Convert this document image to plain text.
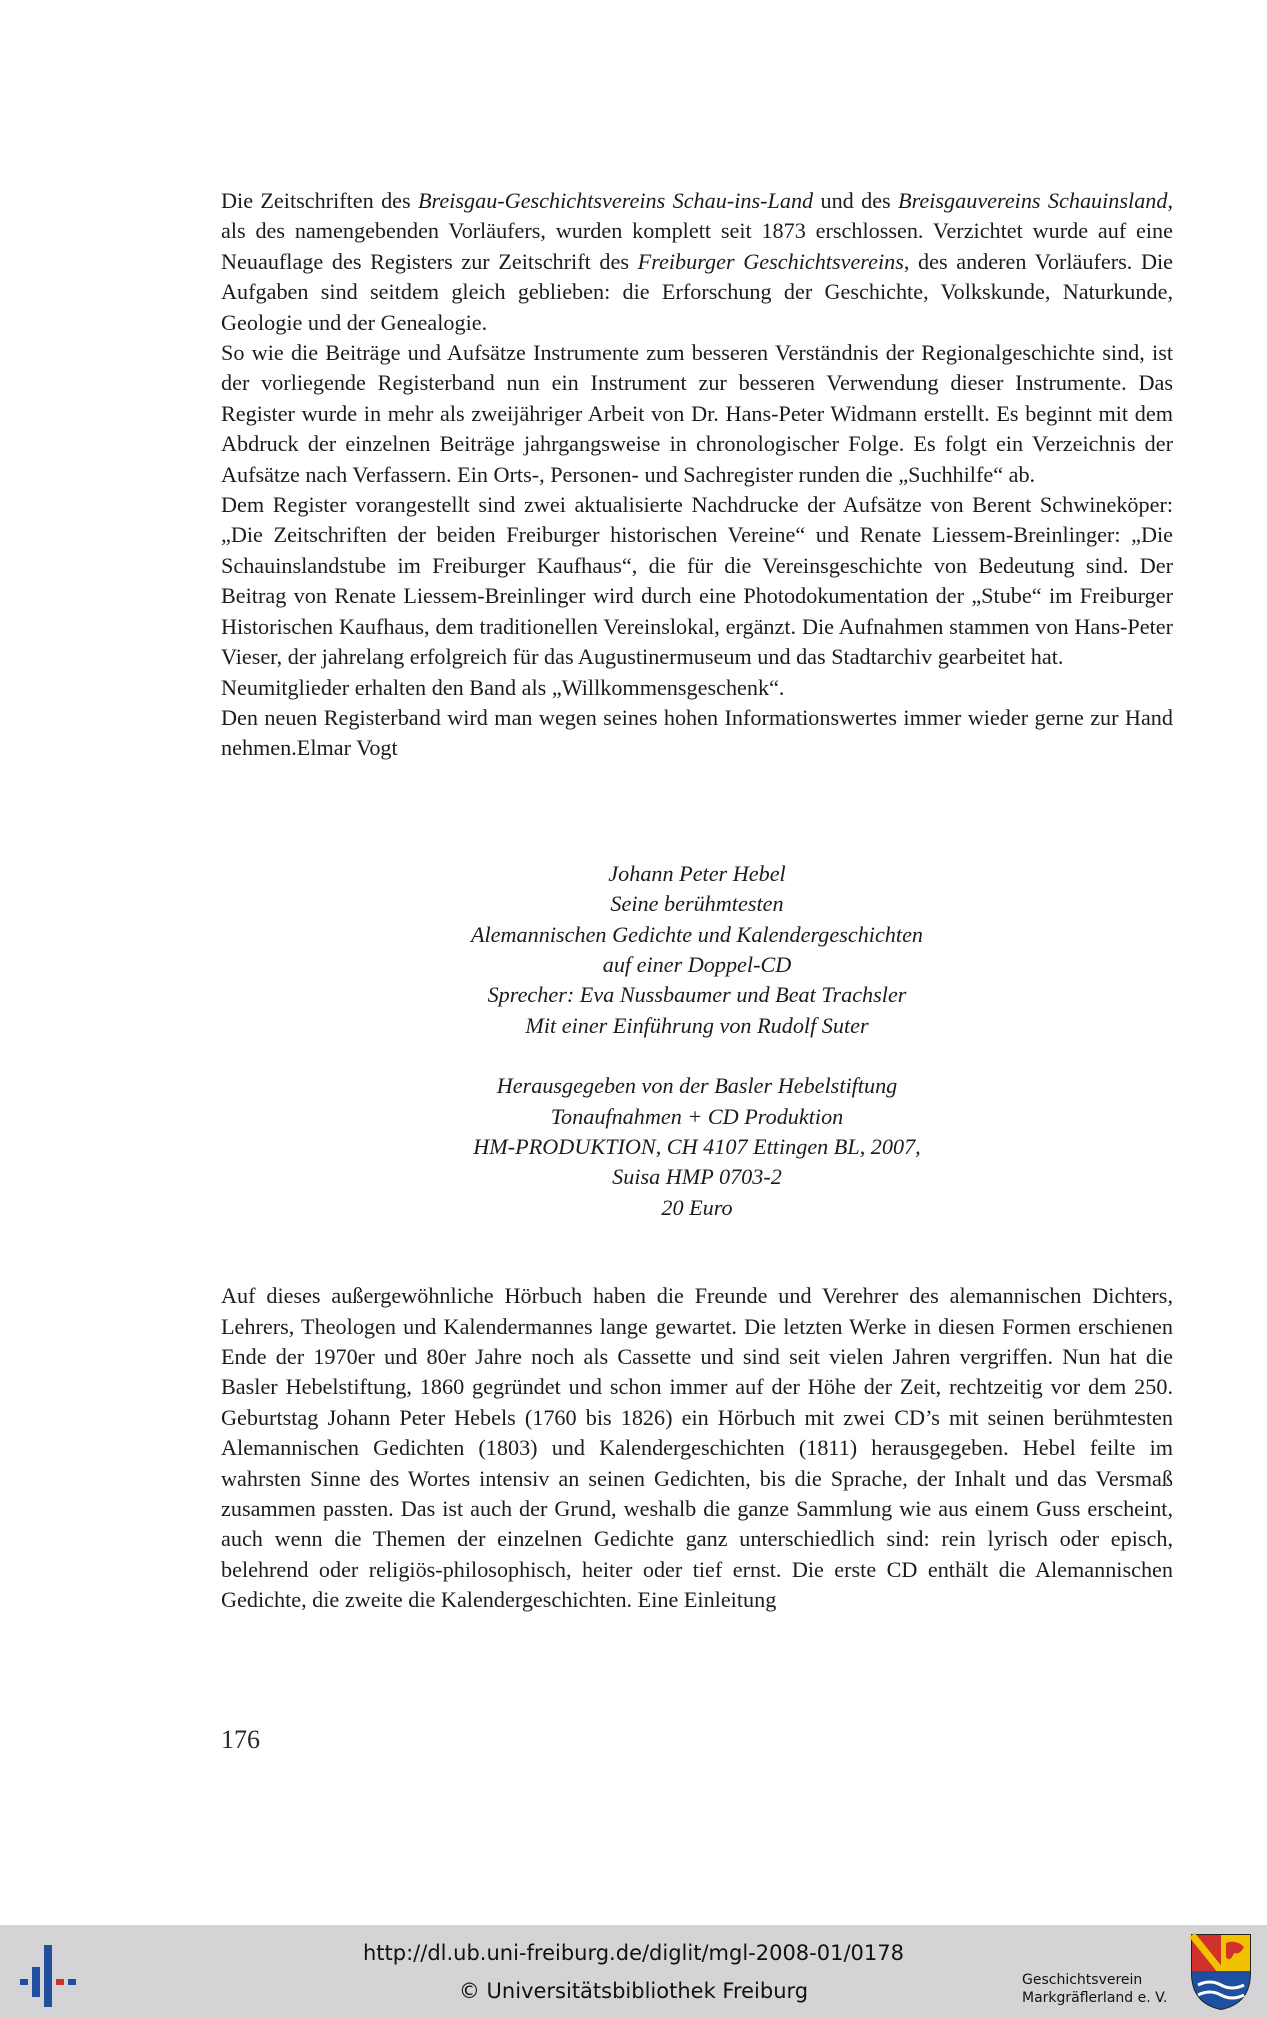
Die Zeitschriften des Breisgau-Geschichtsvereins Schau-ins-Land und des Breisgauvereins Schauinsland, als des namengebenden Vorläufers, wurden komplett seit 1873 erschlossen. Verzichtet wurde auf eine Neuauflage des Registers zur Zeitschrift des Freiburger Geschichtsvereins, des anderen Vorläufers. Die Aufgaben sind seitdem gleich geblieben: die Erforschung der Geschichte, Volkskunde, Naturkunde, Geologie und der Genealogie.

So wie die Beiträge und Aufsätze Instrumente zum besseren Verständnis der Regionalgeschichte sind, ist der vorliegende Registerband nun ein Instrument zur besseren Verwendung dieser Instrumente. Das Register wurde in mehr als zweijähriger Arbeit von Dr. Hans-Peter Widmann erstellt. Es beginnt mit dem Abdruck der einzelnen Beiträge jahrgangsweise in chronologischer Folge. Es folgt ein Verzeichnis der Aufsätze nach Verfassern. Ein Orts-, Personen- und Sachregister runden die „Suchhilfe“ ab.

Dem Register vorangestellt sind zwei aktualisierte Nachdrucke der Aufsätze von Berent Schwineköper: „Die Zeitschriften der beiden Freiburger historischen Vereine“ und Renate Liessem-Breinlinger: „Die Schauinslandstube im Freiburger Kaufhaus“, die für die Vereinsgeschichte von Bedeutung sind. Der Beitrag von Renate Liessem-Breinlinger wird durch eine Photodokumentation der „Stube“ im Freiburger Historischen Kaufhaus, dem traditionellen Vereinslokal, ergänzt. Die Aufnahmen stammen von Hans-Peter Vieser, der jahrelang erfolgreich für das Augustinermuseum und das Stadtarchiv gearbeitet hat.

Neumitglieder erhalten den Band als „Willkommensgeschenk“.

Den neuen Registerband wird man wegen seines hohen Informationswertes immer wieder gerne zur Hand nehmen.Elmar Vogt

Johann Peter Hebel
Seine berühmtesten
Alemannischen Gedichte und Kalendergeschichten
auf einer Doppel-CD
Sprecher: Eva Nussbaumer und Beat Trachsler
Mit einer Einführung von Rudolf Suter
Herausgegeben von der Basler Hebelstiftung
Tonaufnahmen + CD Produktion
HM-PRODUKTION, CH 4107 Ettingen BL, 2007,
Suisa HMP 0703-2
20 Euro

Auf dieses außergewöhnliche Hörbuch haben die Freunde und Verehrer des alemannischen Dichters, Lehrers, Theologen und Kalendermannes lange gewartet. Die letzten Werke in diesen Formen erschienen Ende der 1970er und 80er Jahre noch als Cassette und sind seit vielen Jahren vergriffen. Nun hat die Basler Hebelstiftung, 1860 gegründet und schon immer auf der Höhe der Zeit, rechtzeitig vor dem 250. Geburtstag Johann Peter Hebels (1760 bis 1826) ein Hörbuch mit zwei CD’s mit seinen berühmtesten Alemannischen Gedichten (1803) und Kalendergeschichten (1811) herausgegeben. Hebel feilte im wahrsten Sinne des Wortes intensiv an seinen Gedichten, bis die Sprache, der Inhalt und das Versmaß zusammen passten. Das ist auch der Grund, weshalb die ganze Sammlung wie aus einem Guss erscheint, auch wenn die Themen der einzelnen Gedichte ganz unterschiedlich sind: rein lyrisch oder episch, belehrend oder religiös-philosophisch, heiter oder tief ernst. Die erste CD enthält die Alemannischen Gedichte, die zweite die Kalendergeschichten. Eine Einleitung

176
http://dl.ub.uni-freiburg.de/diglit/mgl-2008-01/0178
© Universitätsbibliothek Freiburg	Geschichtsverein
Markgräflerland e. V.
